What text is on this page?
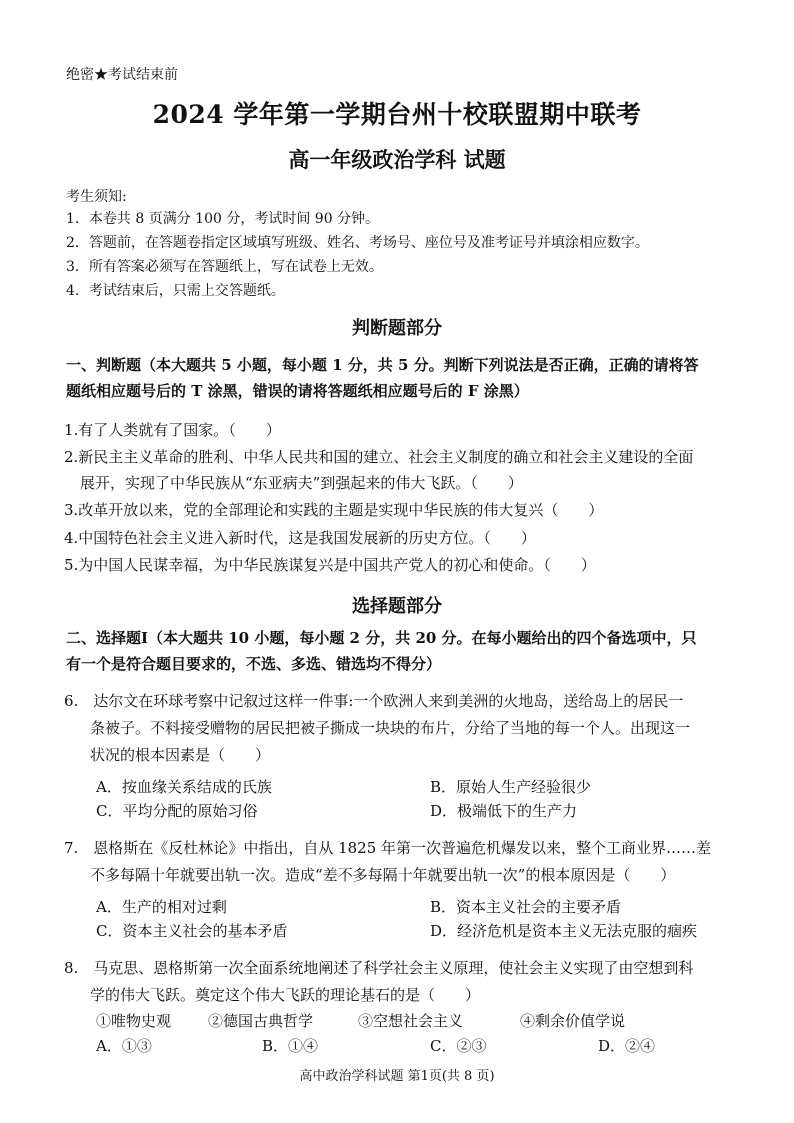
绝密★考试结束前
2024 学年第一学期台州十校联盟期中联考
高一年级政治学科 试题
考生须知:
1．本卷共 8 页满分 100 分，考试时间 90 分钟。
2．答题前，在答题卷指定区域填写班级、姓名、考场号、座位号及准考证号并填涂相应数字。
3．所有答案必须写在答题纸上，写在试卷上无效。
4．考试结束后，只需上交答题纸。
判断题部分
一、判断题（本大题共 5 小题，每小题 1 分，共 5 分。判断下列说法是否正确，正确的请将答
题纸相应题号后的 T 涂黑，错误的请将答题纸相应题号后的 F 涂黑）
1.有了人类就有了国家。（　　）
2.新民主主义革命的胜利、中华人民共和国的建立、社会主义制度的确立和社会主义建设的全面
展开，实现了中华民族从“东亚病夫”到强起来的伟大飞跃。（　　）
3.改革开放以来，党的全部理论和实践的主题是实现中华民族的伟大复兴（　　）
4.中国特色社会主义进入新时代，这是我国发展新的历史方位。（　　）
5.为中国人民谋幸福，为中华民族谋复兴是中国共产党人的初心和使命。（　　）
选择题部分
二、选择题Ⅰ（本大题共 10 小题，每小题 2 分，共 20 分。在每小题给出的四个备选项中，只
有一个是符合题目要求的，不选、多选、错选均不得分）
6.　达尔文在环球考察中记叙过这样一件事:一个欧洲人来到美洲的火地岛，送给岛上的居民一
条被子。不料接受赠物的居民把被子撕成一块块的布片，分给了当地的每一个人。出现这一
状况的根本因素是（　　）
A．按血缘关系结成的氏族	B．原始人生产经验很少
C．平均分配的原始习俗	D．极端低下的生产力
7.　恩格斯在《反杜林论》中指出，自从 1825 年第一次普遍危机爆发以来，整个工商业界……差
不多每隔十年就要出轨一次。造成“差不多每隔十年就要出轨一次”的根本原因是（　　）
A．生产的相对过剩	B．资本主义社会的主要矛盾
C．资本主义社会的基本矛盾	D．经济危机是资本主义无法克服的痼疾
8.　马克思、恩格斯第一次全面系统地阐述了科学社会主义原理，使社会主义实现了由空想到科
学的伟大飞跃。奠定这个伟大飞跃的理论基石的是（　　）
①唯物史观 ②德国古典哲学	③空想社会主义	④剩余价值学说
A．①③	B．①④	C．②③	D．②④
高中政治学科试题 第1页(共 8 页)
